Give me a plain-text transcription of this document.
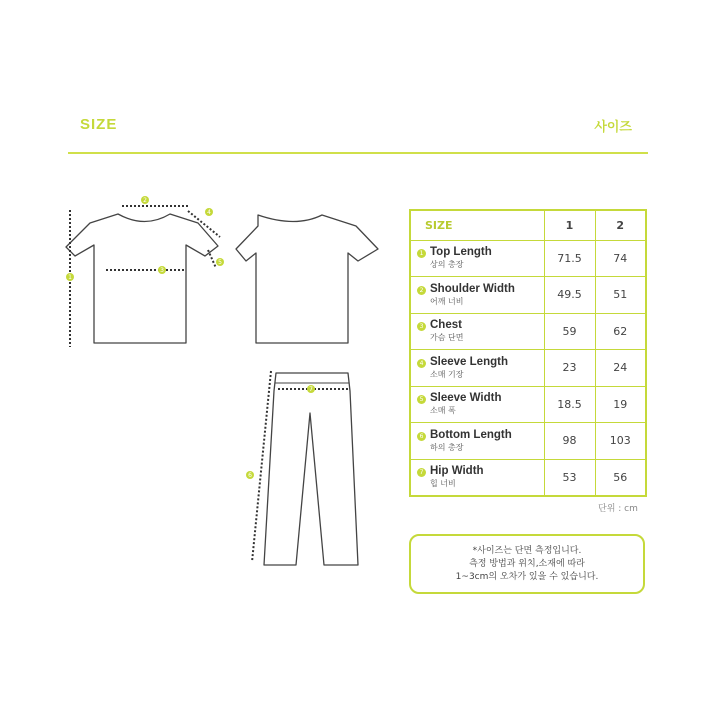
SIZE	사이즈
1
2
3
4
5
6
7
SIZE	1	2

1 Top Length
상의 총장	71.5	74

2 Shoulder Width
어깨 너비	49.5	51

3 Chest
가슴 단면	59	62

4 Sleeve Length
소매 기장	23	24

5 Sleeve Width
소매 폭	18.5	19

6 Bottom Length
하의 총장	98	103

7 Hip Width
힙 너비	53	56
단위 : cm
*사이즈는 단면 측정입니다.
측정 방법과 위치,소재에 따라
1~3cm의 오차가 있을 수 있습니다.
